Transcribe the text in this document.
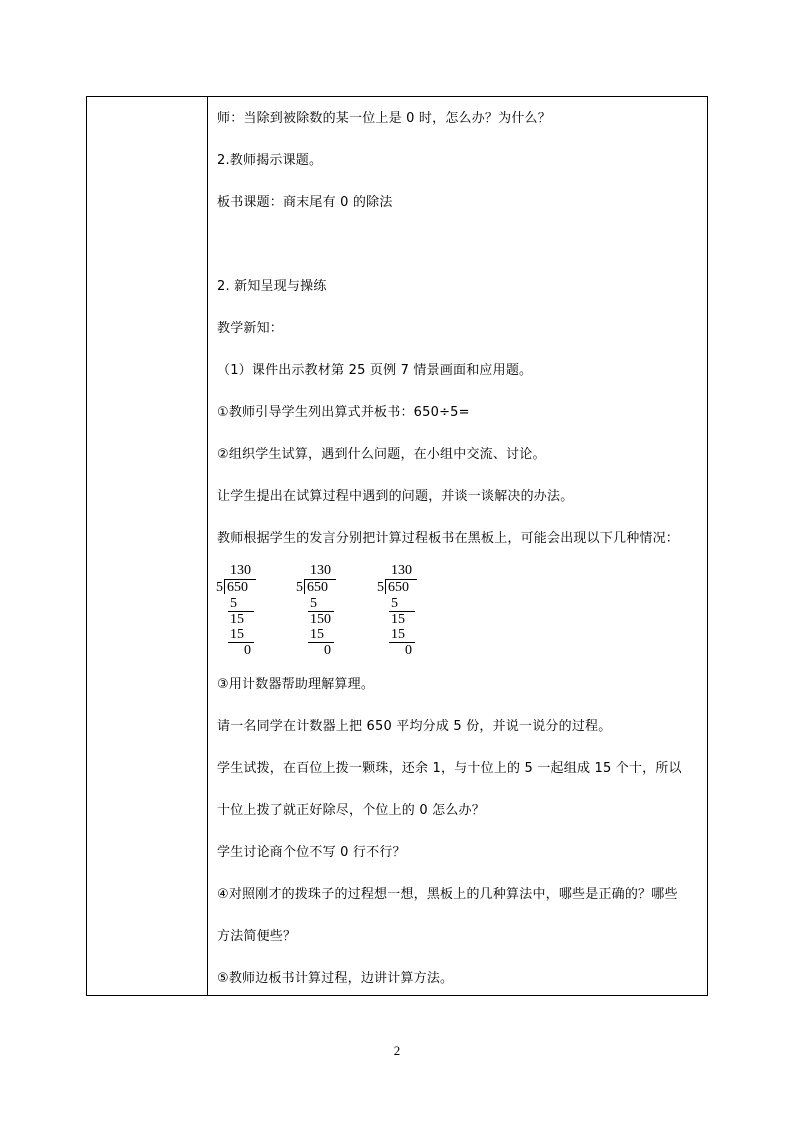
师：当除到被除数的某一位上是 0 时，怎么办？为什么？
2.教师揭示课题。
板书课题：商末尾有 0 的除法
2. 新知呈现与操练
教学新知：
（1）课件出示教材第 25 页例 7 情景画面和应用题。
①教师引导学生列出算式并板书：650÷5=
②组织学生试算，遇到什么问题，在小组中交流、讨论。
让学生提出在试算过程中遇到的问题，并谈一谈解决的办法。
教师根据学生的发言分别把计算过程板书在黑板上，可能会出现以下几种情况：
130
5 650
5
15
15
0
130
5 650
5
150
15
0
130
5 650
5
15
15
0
③用计数器帮助理解算理。
请一名同学在计数器上把 650 平均分成 5 份，并说一说分的过程。
学生试拨，在百位上拨一颗珠，还余 1，与十位上的 5 一起组成 15 个十，所以
十位上拨了就正好除尽，个位上的 0 怎么办？
学生讨论商个位不写 0 行不行？
④对照刚才的拨珠子的过程想一想，黑板上的几种算法中，哪些是正确的？哪些
方法简便些？
⑤教师边板书计算过程，边讲计算方法。
2
